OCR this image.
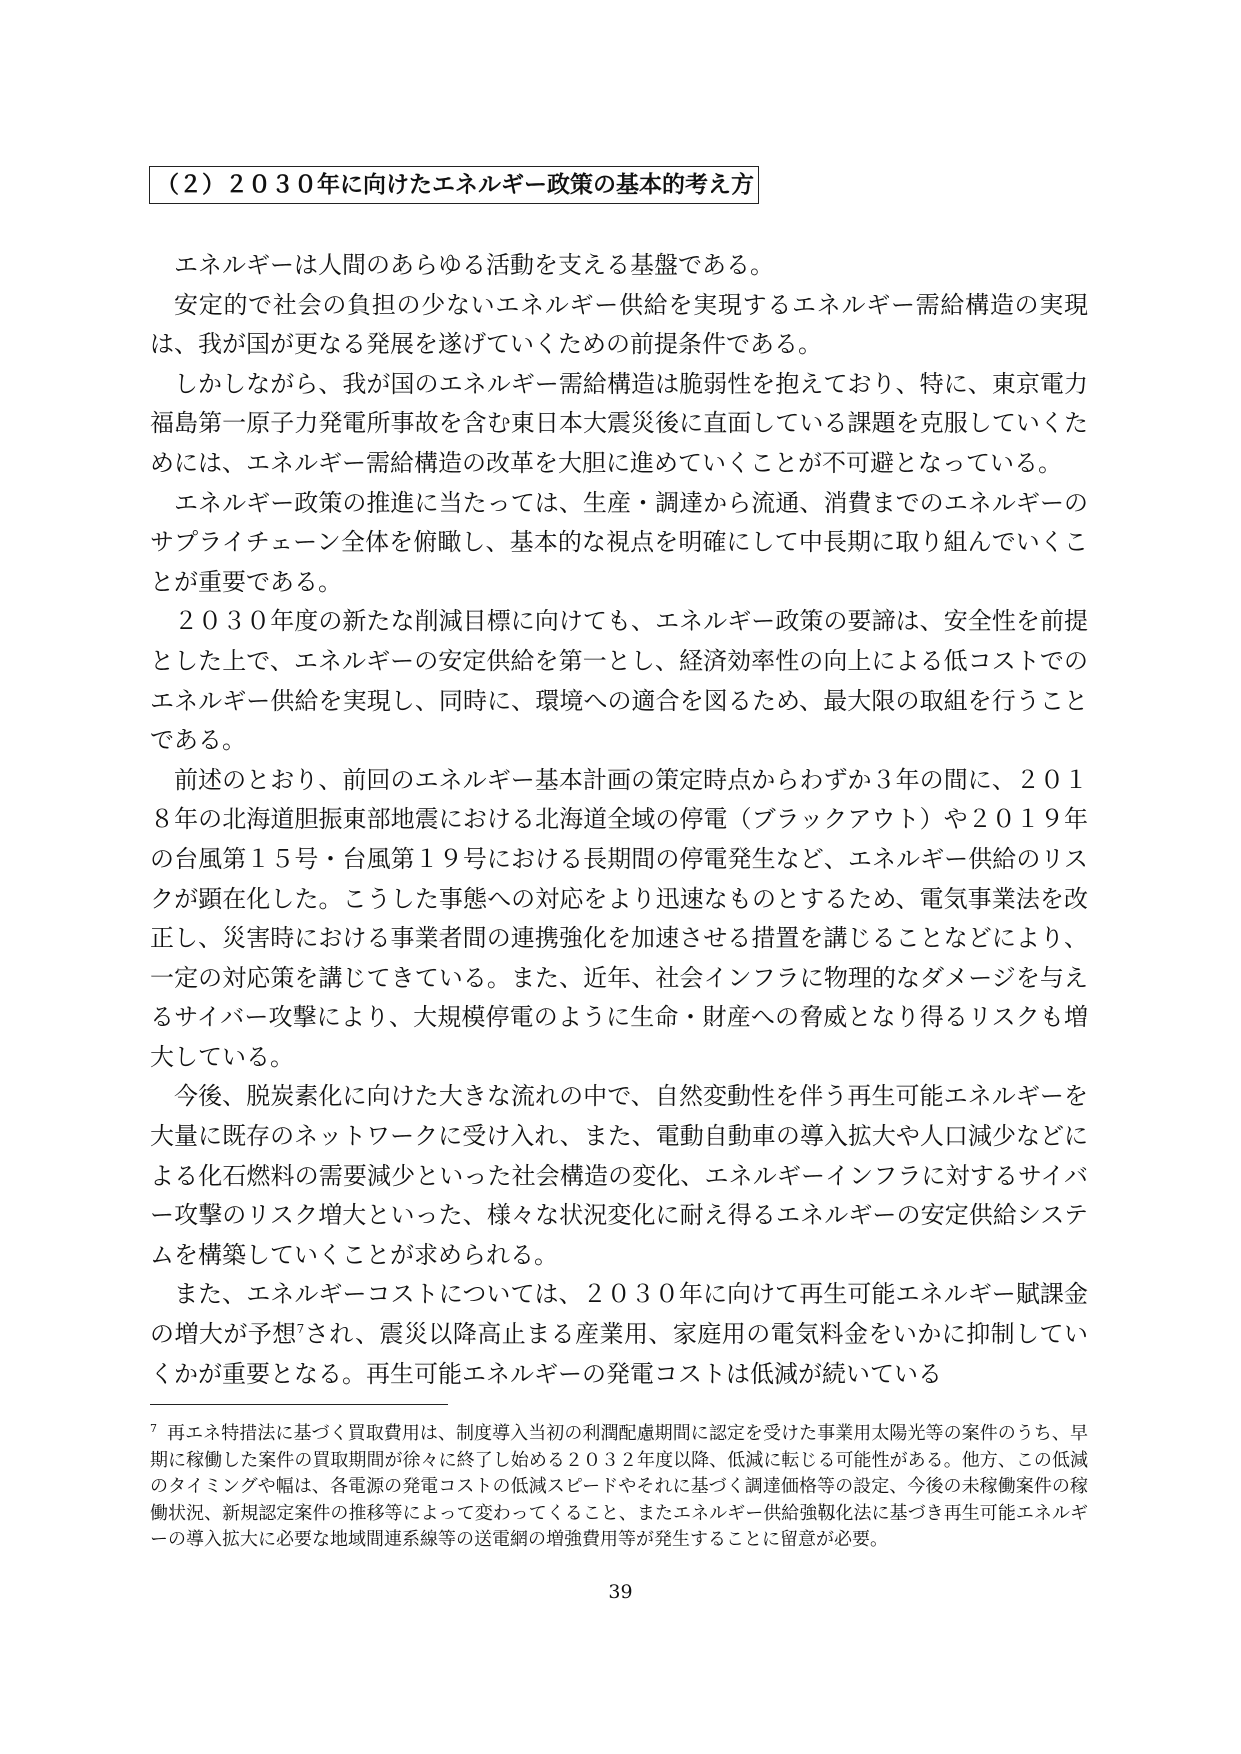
（２）２０３０年に向けたエネルギー政策の基本的考え方

エネルギーは人間のあらゆる活動を支える基盤である。

安定的で社会の負担の少ないエネルギー供給を実現するエネルギー需給構造の実現は、我が国が更なる発展を遂げていくための前提条件である。

しかしながら、我が国のエネルギー需給構造は脆弱性を抱えており、特に、東京電力福島第一原子力発電所事故を含む東日本大震災後に直面している課題を克服していくためには、エネルギー需給構造の改革を大胆に進めていくことが不可避となっている。

エネルギー政策の推進に当たっては、生産・調達から流通、消費までのエネルギーのサプライチェーン全体を俯瞰し、基本的な視点を明確にして中長期に取り組んでいくことが重要である。

２０３０年度の新たな削減目標に向けても、エネルギー政策の要諦は、安全性を前提とした上で、エネルギーの安定供給を第一とし、経済効率性の向上による低コストでのエネルギー供給を実現し、同時に、環境への適合を図るため、最大限の取組を行うことである。

前述のとおり、前回のエネルギー基本計画の策定時点からわずか３年の間に、２０１８年の北海道胆振東部地震における北海道全域の停電（ブラックアウト）や２０１９年の台風第１５号・台風第１９号における長期間の停電発生など、エネルギー供給のリスクが顕在化した。こうした事態への対応をより迅速なものとするため、電気事業法を改正し、災害時における事業者間の連携強化を加速させる措置を講じることなどにより、一定の対応策を講じてきている。また、近年、社会インフラに物理的なダメージを与えるサイバー攻撃により、大規模停電のように生命・財産への脅威となり得るリスクも増大している。

今後、脱炭素化に向けた大きな流れの中で、自然変動性を伴う再生可能エネルギーを大量に既存のネットワークに受け入れ、また、電動自動車の導入拡大や人口減少などによる化石燃料の需要減少といった社会構造の変化、エネルギーインフラに対するサイバー攻撃のリスク増大といった、様々な状況変化に耐え得るエネルギーの安定供給システムを構築していくことが求められる。

また、エネルギーコストについては、２０３０年に向けて再生可能エネルギー賦課金の増大が予想$^7$され、震災以降高止まる産業用、家庭用の電気料金をいかに抑制していくかが重要となる。再生可能エネルギーの発電コストは低減が続いている

$^7$ 再エネ特措法に基づく買取費用は、制度導入当初の利潤配慮期間に認定を受けた事業用太陽光等の案件のうち、早期に稼働した案件の買取期間が徐々に終了し始める２０３２年度以降、低減に転じる可能性がある。他方、この低減のタイミングや幅は、各電源の発電コストの低減スピードやそれに基づく調達価格等の設定、今後の未稼働案件の稼働状況、新規認定案件の推移等によって変わってくること、またエネルギー供給強靱化法に基づき再生可能エネルギーの導入拡大に必要な地域間連系線等の送電網の増強費用等が発生することに留意が必要。
39
